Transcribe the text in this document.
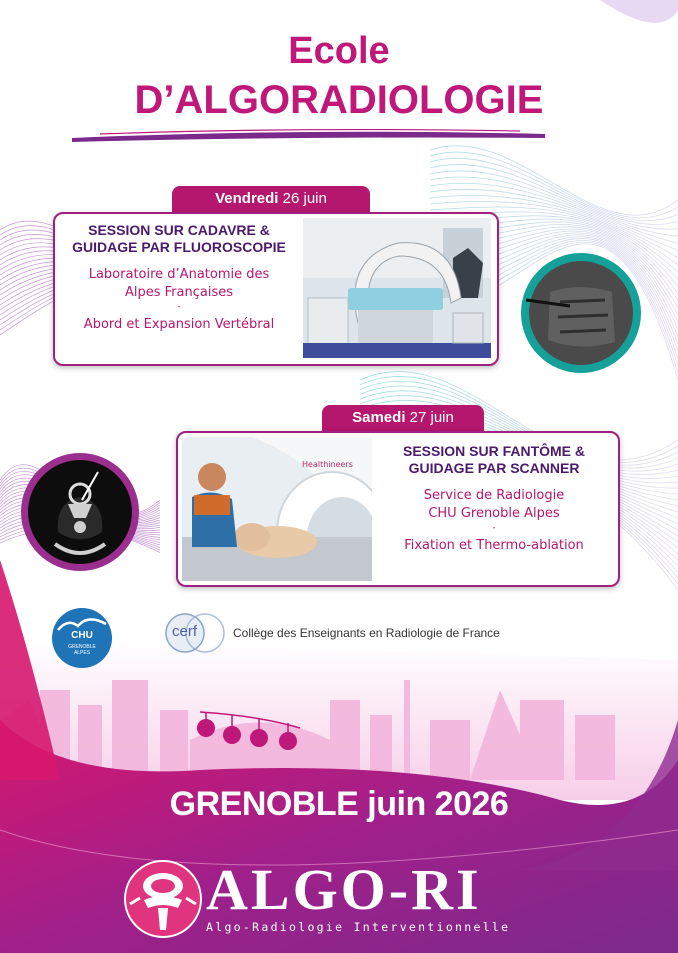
Ecole
D’ALGORADIOLOGIE
Vendredi 26 juin
SESSION SUR CADAVRE &
GUIDAGE PAR FLUOROSCOPIE
Laboratoire d’Anatomie des
Alpes Françaises
-
Abord et Expansion Vertébral
Samedi 27 juin
Healthineers
SESSION SUR FANTÔME &
GUIDAGE PAR SCANNER
Service de Radiologie
CHU Grenoble Alpes
-
Fixation et Thermo-ablation
CHU
GRENOBLE
ALPES
cerf	Collège des Enseignants en Radiologie de France
GRENOBLE juin 2026
ALGO-RI
Algo-Radiologie Interventionnelle
